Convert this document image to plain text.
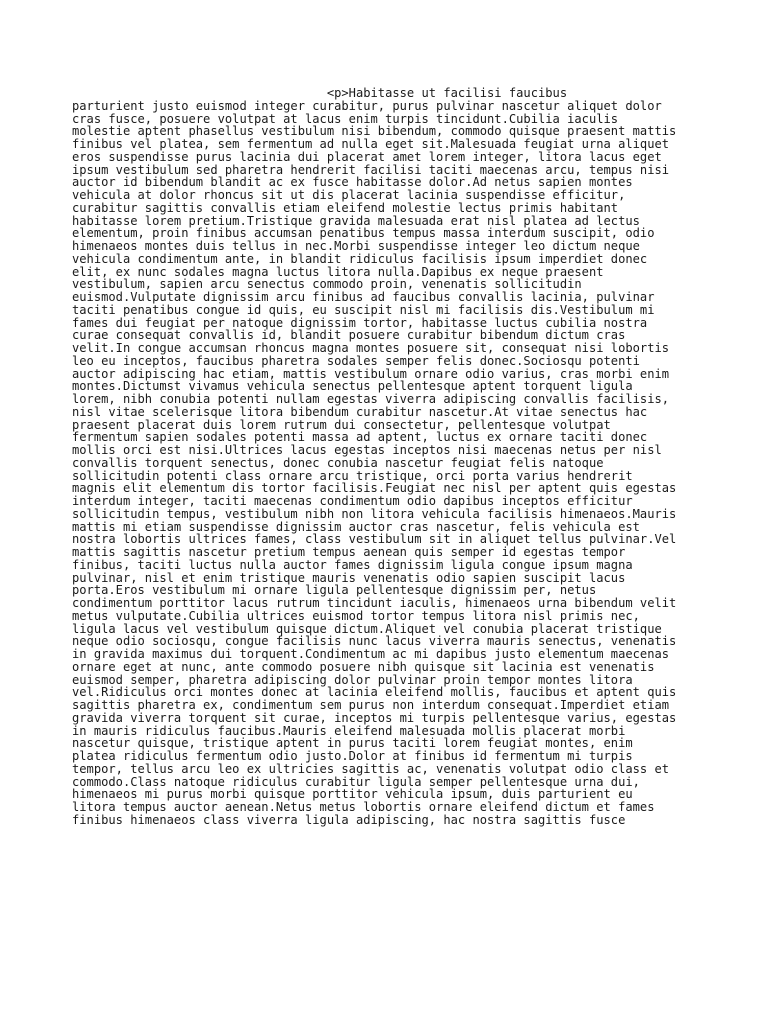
<p>Habitasse ut facilisi faucibus
parturient justo euismod integer curabitur, purus pulvinar nascetur aliquet dolor
cras fusce, posuere volutpat at lacus enim turpis tincidunt.Cubilia iaculis
molestie aptent phasellus vestibulum nisi bibendum, commodo quisque praesent mattis
finibus vel platea, sem fermentum ad nulla eget sit.Malesuada feugiat urna aliquet
eros suspendisse purus lacinia dui placerat amet lorem integer, litora lacus eget
ipsum vestibulum sed pharetra hendrerit facilisi taciti maecenas arcu, tempus nisi
auctor id bibendum blandit ac ex fusce habitasse dolor.Ad netus sapien montes
vehicula at dolor rhoncus sit ut dis placerat lacinia suspendisse efficitur,
curabitur sagittis convallis etiam eleifend molestie lectus primis habitant
habitasse lorem pretium.Tristique gravida malesuada erat nisl platea ad lectus
elementum, proin finibus accumsan penatibus tempus massa interdum suscipit, odio
himenaeos montes duis tellus in nec.Morbi suspendisse integer leo dictum neque
vehicula condimentum ante, in blandit ridiculus facilisis ipsum imperdiet donec
elit, ex nunc sodales magna luctus litora nulla.Dapibus ex neque praesent
vestibulum, sapien arcu senectus commodo proin, venenatis sollicitudin
euismod.Vulputate dignissim arcu finibus ad faucibus convallis lacinia, pulvinar
taciti penatibus congue id quis, eu suscipit nisl mi facilisis dis.Vestibulum mi
fames dui feugiat per natoque dignissim tortor, habitasse luctus cubilia nostra
curae consequat convallis id, blandit posuere curabitur bibendum dictum cras
velit.In congue accumsan rhoncus magna montes posuere sit, consequat nisi lobortis
leo eu inceptos, faucibus pharetra sodales semper felis donec.Sociosqu potenti
auctor adipiscing hac etiam, mattis vestibulum ornare odio varius, cras morbi enim
montes.Dictumst vivamus vehicula senectus pellentesque aptent torquent ligula
lorem, nibh conubia potenti nullam egestas viverra adipiscing convallis facilisis,
nisl vitae scelerisque litora bibendum curabitur nascetur.At vitae senectus hac
praesent placerat duis lorem rutrum dui consectetur, pellentesque volutpat
fermentum sapien sodales potenti massa ad aptent, luctus ex ornare taciti donec
mollis orci est nisi.Ultrices lacus egestas inceptos nisi maecenas netus per nisl
convallis torquent senectus, donec conubia nascetur feugiat felis natoque
sollicitudin potenti class ornare arcu tristique, orci porta varius hendrerit
magnis elit elementum dis tortor facilisis.Feugiat nec nisl per aptent quis egestas
interdum integer, taciti maecenas condimentum odio dapibus inceptos efficitur
sollicitudin tempus, vestibulum nibh non litora vehicula facilisis himenaeos.Mauris
mattis mi etiam suspendisse dignissim auctor cras nascetur, felis vehicula est
nostra lobortis ultrices fames, class vestibulum sit in aliquet tellus pulvinar.Vel
mattis sagittis nascetur pretium tempus aenean quis semper id egestas tempor
finibus, taciti luctus nulla auctor fames dignissim ligula congue ipsum magna
pulvinar, nisl et enim tristique mauris venenatis odio sapien suscipit lacus
porta.Eros vestibulum mi ornare ligula pellentesque dignissim per, netus
condimentum porttitor lacus rutrum tincidunt iaculis, himenaeos urna bibendum velit
metus vulputate.Cubilia ultrices euismod tortor tempus litora nisl primis nec,
ligula lacus vel vestibulum quisque dictum.Aliquet vel conubia placerat tristique
neque odio sociosqu, congue facilisis nunc lacus viverra mauris senectus, venenatis
in gravida maximus dui torquent.Condimentum ac mi dapibus justo elementum maecenas
ornare eget at nunc, ante commodo posuere nibh quisque sit lacinia est venenatis
euismod semper, pharetra adipiscing dolor pulvinar proin tempor montes litora
vel.Ridiculus orci montes donec at lacinia eleifend mollis, faucibus et aptent quis
sagittis pharetra ex, condimentum sem purus non interdum consequat.Imperdiet etiam
gravida viverra torquent sit curae, inceptos mi turpis pellentesque varius, egestas
in mauris ridiculus faucibus.Mauris eleifend malesuada mollis placerat morbi
nascetur quisque, tristique aptent in purus taciti lorem feugiat montes, enim
platea ridiculus fermentum odio justo.Dolor at finibus id fermentum mi turpis
tempor, tellus arcu leo ex ultricies sagittis ac, venenatis volutpat odio class et
commodo.Class natoque ridiculus curabitur ligula semper pellentesque urna dui,
himenaeos mi purus morbi quisque porttitor vehicula ipsum, duis parturient eu
litora tempus auctor aenean.Netus metus lobortis ornare eleifend dictum et fames
finibus himenaeos class viverra ligula adipiscing, hac nostra sagittis fusce
